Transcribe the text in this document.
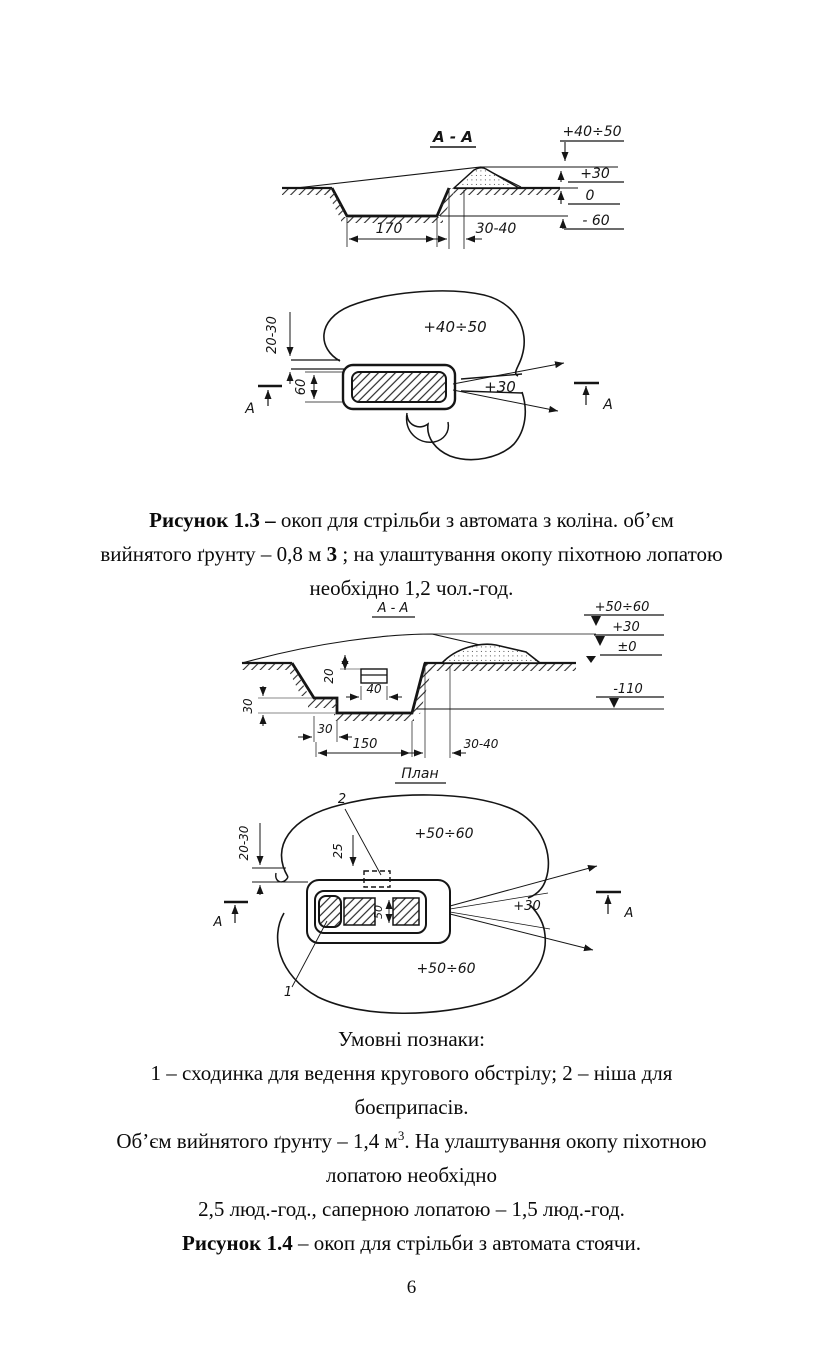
А - А	+40÷50
+30
0
- 60
170	30-40
20-30
60
+40÷50
+30
А	А
Рисунок 1.3 – окоп для стрільби з автомата з коліна. об’єм
вийнятого ґрунту – 0,8 м 3 ; на улаштування окопу піхотною лопатою
необхідно 1,2 чол.-год.
А - А	+50÷60
+30
±0
-110
20
40
30
30
150	30-40
План
+50÷60
+50÷60
2
20-30	25
50	+30
А
А
1
Умовні познаки:
1 – сходинка для ведення кругового обстрілу; 2 – ніша для
боєприпасів.
Об’єм вийнятого ґрунту – 1,4 $м^3$. На улаштування окопу піхотною
лопатою необхідно
2,5 люд.-год., саперною лопатою – 1,5 люд.-год.
Рисунок 1.4 – окоп для стрільби з автомата стоячи.
6
